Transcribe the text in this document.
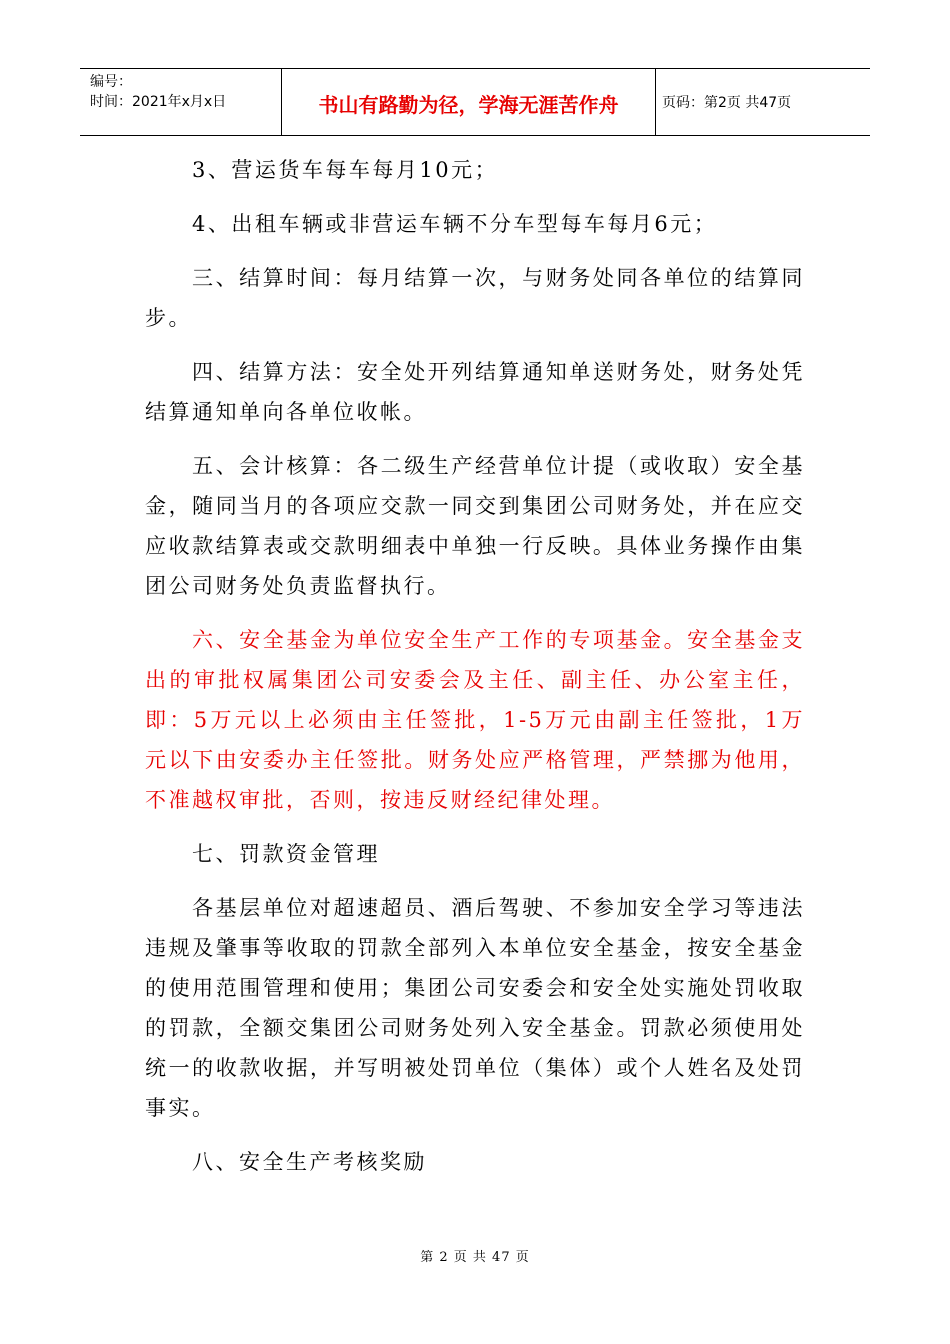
编号：
时间：2021年x月x日	书山有路勤为径，学海无涯苦作舟	页码：第2页 共47页

3、营运货车每车每月10元；

4、出租车辆或非营运车辆不分车型每车每月6元；

三、结算时间：每月结算一次，与财务处同各单位的结算同步。

四、结算方法：安全处开列结算通知单送财务处，财务处凭结算通知单向各单位收帐。

五、会计核算：各二级生产经营单位计提（或收取）安全基金，随同当月的各项应交款一同交到集团公司财务处，并在应交应收款结算表或交款明细表中单独一行反映。具体业务操作由集团公司财务处负责监督执行。

六、安全基金为单位安全生产工作的专项基金。安全基金支出的审批权属集团公司安委会及主任、副主任、办公室主任，即：5万元以上必须由主任签批，1-5万元由副主任签批，1万元以下由安委办主任签批。财务处应严格管理，严禁挪为他用，不准越权审批，否则，按违反财经纪律处理。

七、罚款资金管理

各基层单位对超速超员、酒后驾驶、不参加安全学习等违法违规及肇事等收取的罚款全部列入本单位安全基金，按安全基金的使用范围管理和使用；集团公司安委会和安全处实施处罚收取的罚款，全额交集团公司财务处列入安全基金。罚款必须使用处统一的收款收据，并写明被处罚单位（集体）或个人姓名及处罚事实。

八、安全生产考核奖励

第 2 页 共 47 页
